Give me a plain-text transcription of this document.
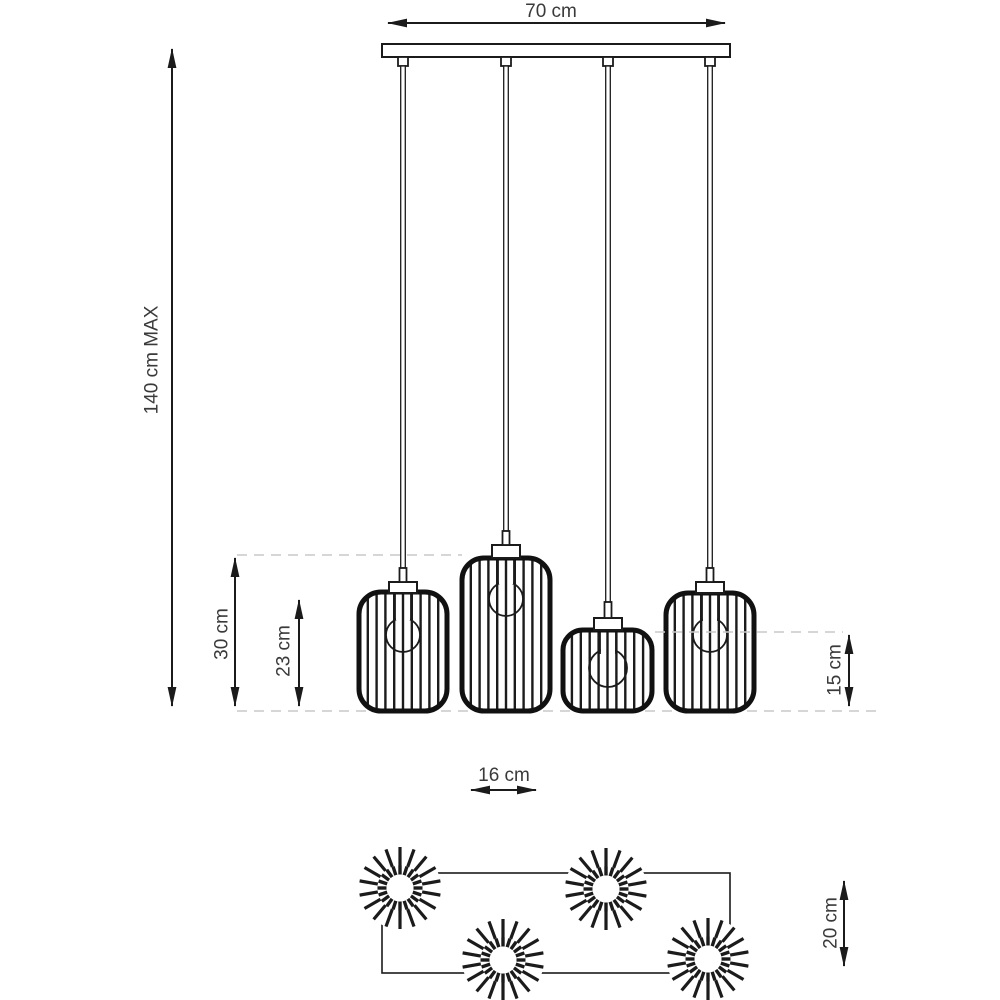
70 cm
140 cm MAX
30 cm 23 cm	15 cm
16 cm
20 cm
